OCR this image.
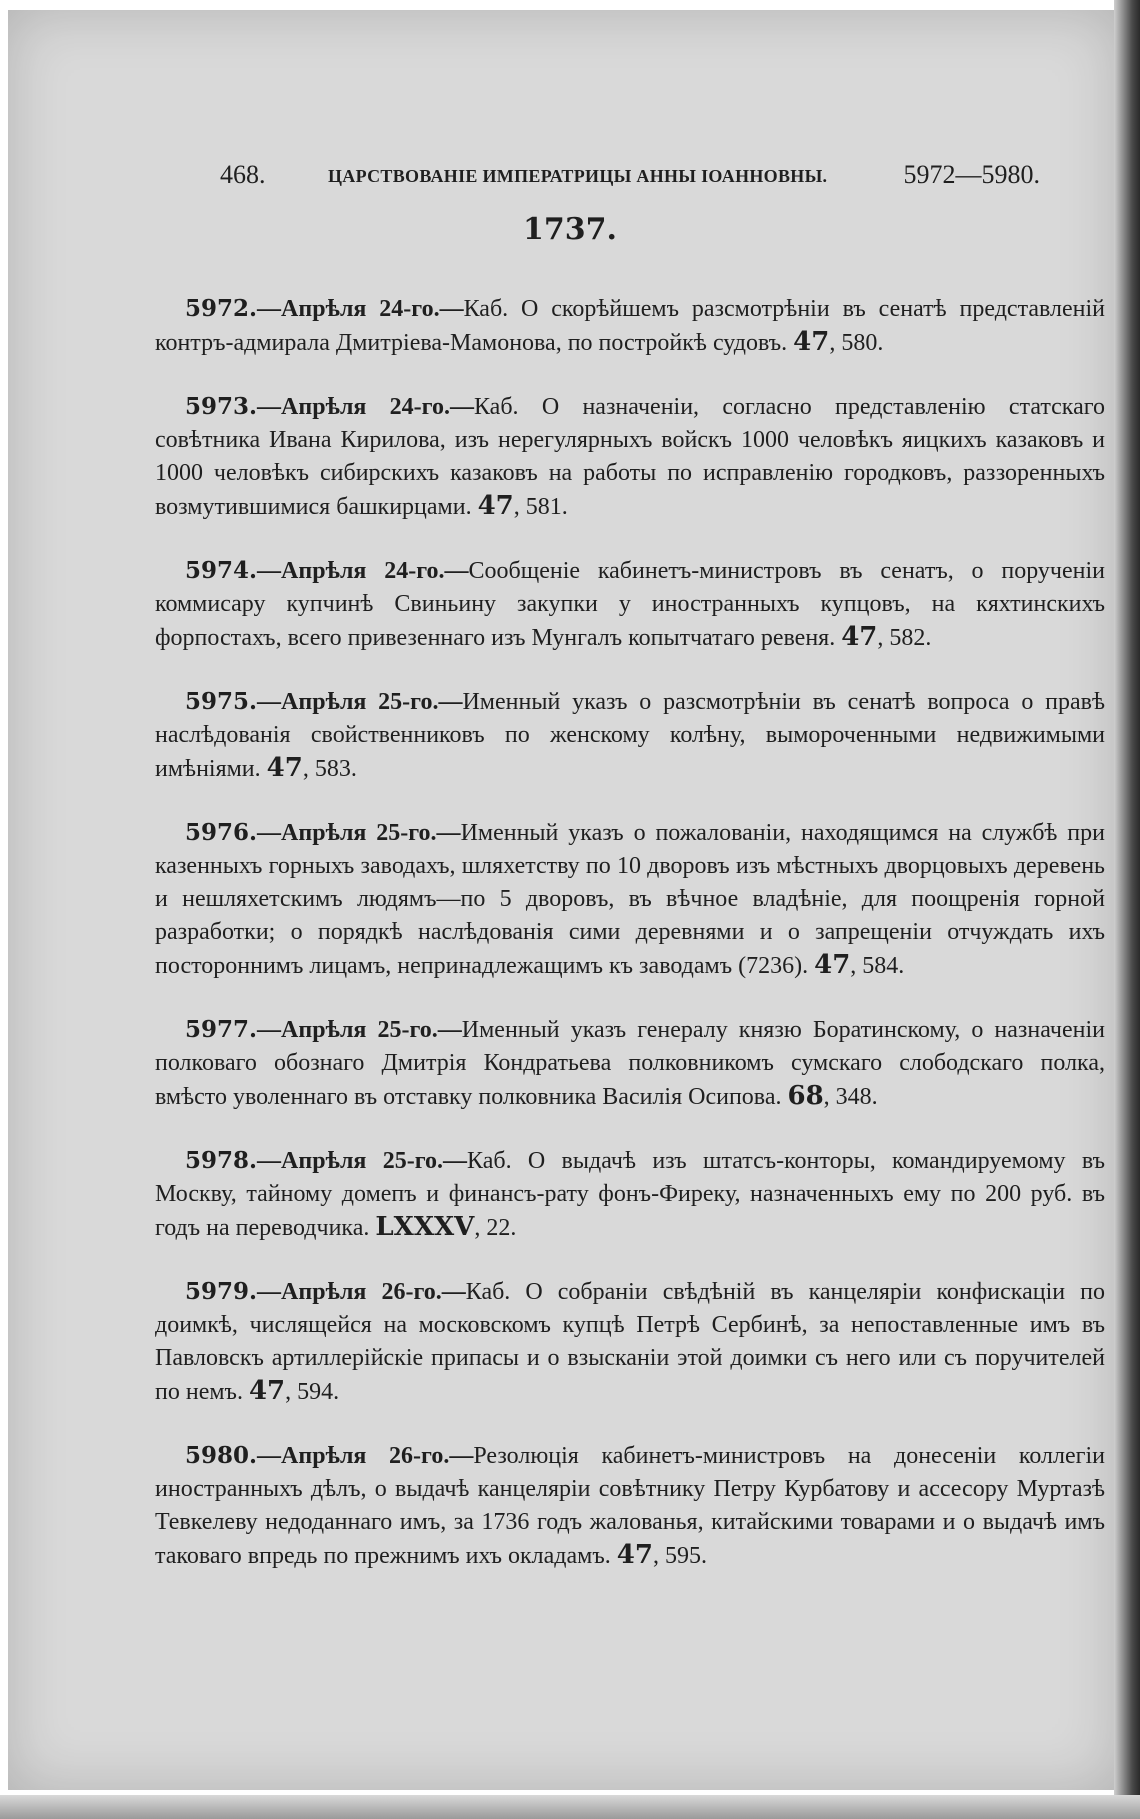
468.	ЦАРСТВОВАНІЕ ИМПЕРАТРИЦЫ АННЫ ІОАННОВНЫ.	5972—5980.
1737.

5972.—Апрѣля 24-го.—Каб. О скорѣйшемъ разсмотрѣніи въ сенатѣ представленій контръ-адмирала Дмитріева-Мамонова, по постройкѣ судовъ. 47, 580.

5973.—Апрѣля 24-го.—Каб. О назначеніи, согласно представленію статскаго совѣтника Ивана Кирилова, изъ нерегулярныхъ войскъ 1000 человѣкъ яицкихъ казаковъ и 1000 человѣкъ сибирскихъ казаковъ на работы по исправленію городковъ, раззоренныхъ возмутившимися башкирцами. 47, 581.

5974.—Апрѣля 24-го.—Сообщеніе кабинетъ-министровъ въ сенатъ, о порученіи коммисару купчинѣ Свиньину закупки у иностранныхъ купцовъ, на кяхтинскихъ форпостахъ, всего привезеннаго изъ Мунгалъ копытчатаго ревеня. 47, 582.

5975.—Апрѣля 25-го.—Именный указъ о разсмотрѣніи въ сенатѣ вопроса о правѣ наслѣдованія свойственниковъ по женскому колѣну, вымороченными недвижимыми имѣніями. 47, 583.

5976.—Апрѣля 25-го.—Именный указъ о пожалованіи, находящимся на службѣ при казенныхъ горныхъ заводахъ, шляхетству по 10 дворовъ изъ мѣстныхъ дворцовыхъ деревень и нешляхетскимъ людямъ—по 5 дворовъ, въ вѣчное владѣніе, для поощренія горной разработки; о порядкѣ наслѣдованія сими деревнями и о запрещеніи отчуждать ихъ постороннимъ лицамъ, непринадлежащимъ къ заводамъ (7236). 47, 584.

5977.—Апрѣля 25-го.—Именный указъ генералу князю Боратинскому, о назначеніи полковаго обознаго Дмитрія Кондратьева полковникомъ сумскаго слободскаго полка, вмѣсто уволеннаго въ отставку полковника Василія Осипова. 68, 348.

5978.—Апрѣля 25-го.—Каб. О выдачѣ изъ штатсъ-конторы, командируемому въ Москву, тайному домепъ и финансъ-рату фонъ-Фиреку, назначенныхъ ему по 200 руб. въ годъ на переводчика. LXXXV, 22.

5979.—Апрѣля 26-го.—Каб. О собраніи свѣдѣній въ канцеляріи конфискаціи по доимкѣ, числящейся на московскомъ купцѣ Петрѣ Сербинѣ, за непоставленные имъ въ Павловскъ артиллерійскіе припасы и о взысканіи этой доимки съ него или съ поручителей по немъ. 47, 594.

5980.—Апрѣля 26-го.—Резолюція кабинетъ-министровъ на донесеніи коллегіи иностранныхъ дѣлъ, о выдачѣ канцеляріи совѣтнику Петру Курбатову и ассесору Муртазѣ Тевкелеву недоданнаго имъ, за 1736 годъ жалованья, китайскими товарами и о выдачѣ имъ таковаго впредь по прежнимъ ихъ окладамъ. 47, 595.
